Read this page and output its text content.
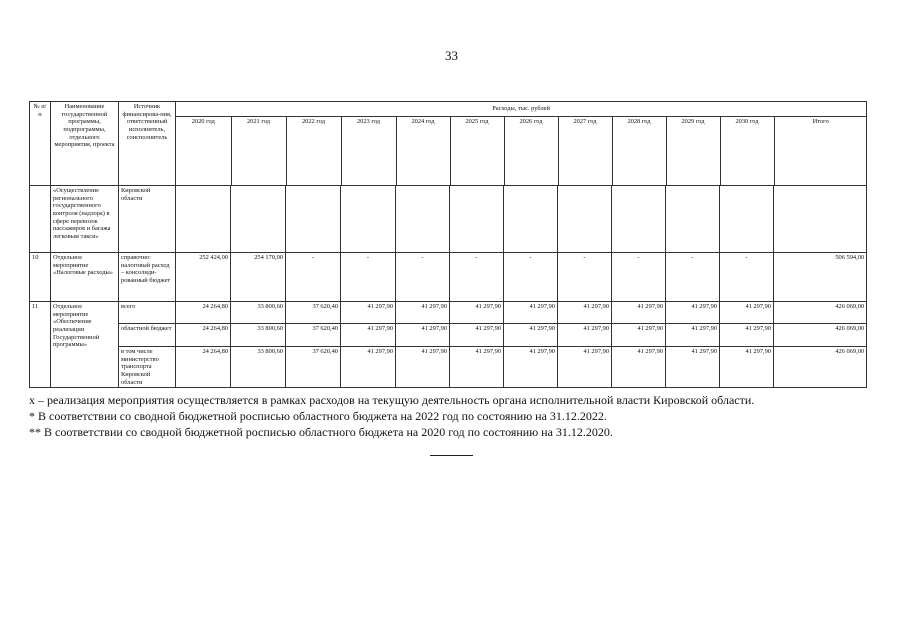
33
№ п/п	Наименование государственной программы, подпрограммы, отдельного мероприятия, проекта	Источник финансирова-ния, ответственный исполнитель, соисполнитель	
Расходы, тыс. рублей
2020 год	2021 год	2022 год	2023 год	2024 год	2025 год	2026 год	2027 год	2028 год	2029 год	2030 год	Итого

	«Осуществление регионального государственного контроля (надзора) в сфере перевозок пассажиров и багажа легковым такси»	Кировской области												
10	Отдельное мероприятие «Налоговые расходы»	справочно: налоговый расход – консолиди-рованный бюджет	252 424,00	254 170,00	-	-	-	-	-	-	-	-	-	506 594,00
11	Отдельное мероприятие «Обеспечение реализации Государственной программы»	всего	24 264,80	33 800,60	37 620,40	41 297,90	41 297,90	41 297,90	41 297,90	41 297,90	41 297,90	41 297,90	41 297,90	426 069,00
областной бюджет	24 264,80	33 800,60	37 620,40	41 297,90	41 297,90	41 297,90	41 297,90	41 297,90	41 297,90	41 297,90	41 297,90	426 069,00
в том числе министерство транспорта Кировской области	24 264,80	33 800,60	37 620,40	41 297,90	41 297,90	41 297,90	41 297,90	41 297,90	41 297,90	41 297,90	41 297,90	426 069,00
х – реализация мероприятия осуществляется в рамках расходов на текущую деятельность органа исполнительной власти Кировской области.
* В соответствии со сводной бюджетной росписью областного бюджета на 2022 год по состоянию на 31.12.2022.
** В соответствии со сводной бюджетной росписью областного бюджета на 2020 год по состоянию на 31.12.2020.
